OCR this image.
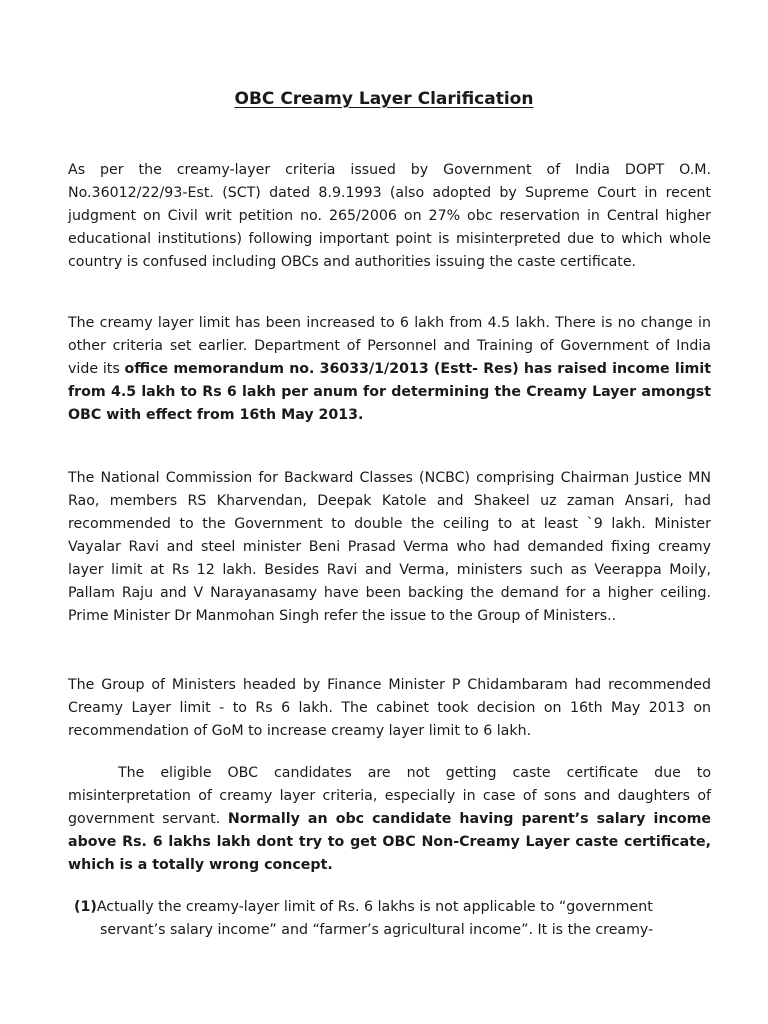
OBC Creamy Layer Clarification

As per the creamy-layer criteria issued by Government of India DOPT O.M. No.36012/22/93-Est. (SCT) dated 8.9.1993 (also adopted by Supreme Court in recent judgment on Civil writ petition no. 265/2006 on 27% obc reservation in Central higher educational institutions) following important point is misinterpreted due to which whole country is confused including OBCs and authorities issuing the caste certificate.

The creamy layer limit has been increased to 6 lakh from 4.5 lakh. There is no change in other criteria set earlier. Department of Personnel and Training of Government of India vide its office memorandum no. 36033/1/2013 (Estt- Res) has raised income limit from 4.5 lakh to Rs 6 lakh per anum for determining the Creamy Layer amongst OBC with effect from 16th May 2013.

The National Commission for Backward Classes (NCBC) comprising Chairman Justice MN Rao, members RS Kharvendan, Deepak Katole and Shakeel uz zaman Ansari, had recommended to the Government to double the ceiling to at least `9 lakh. Minister Vayalar Ravi and steel minister Beni Prasad Verma who had demanded fixing creamy layer limit at Rs 12 lakh. Besides Ravi and Verma, ministers such as Veerappa Moily, Pallam Raju and V Narayanasamy have been backing the demand for a higher ceiling. Prime Minister Dr Manmohan Singh refer the issue to the Group of Ministers..

The Group of Ministers headed by Finance Minister P Chidambaram had recommended Creamy Layer limit - to Rs 6 lakh. The cabinet took decision on 16th May 2013 on recommendation of GoM to increase creamy layer limit to 6 lakh.

The eligible OBC candidates are not getting caste certificate due to misinterpretation of creamy layer criteria, especially in case of sons and daughters of government servant. Normally an obc candidate having parent’s salary income above Rs. 6 lakhs lakh dont try to get OBC Non-Creamy Layer caste certificate, which is a totally wrong concept.

(1)Actually the creamy-layer limit of Rs. 6 lakhs is not applicable to “government
servant’s salary income” and “farmer’s agricultural income”. It is the creamy-
